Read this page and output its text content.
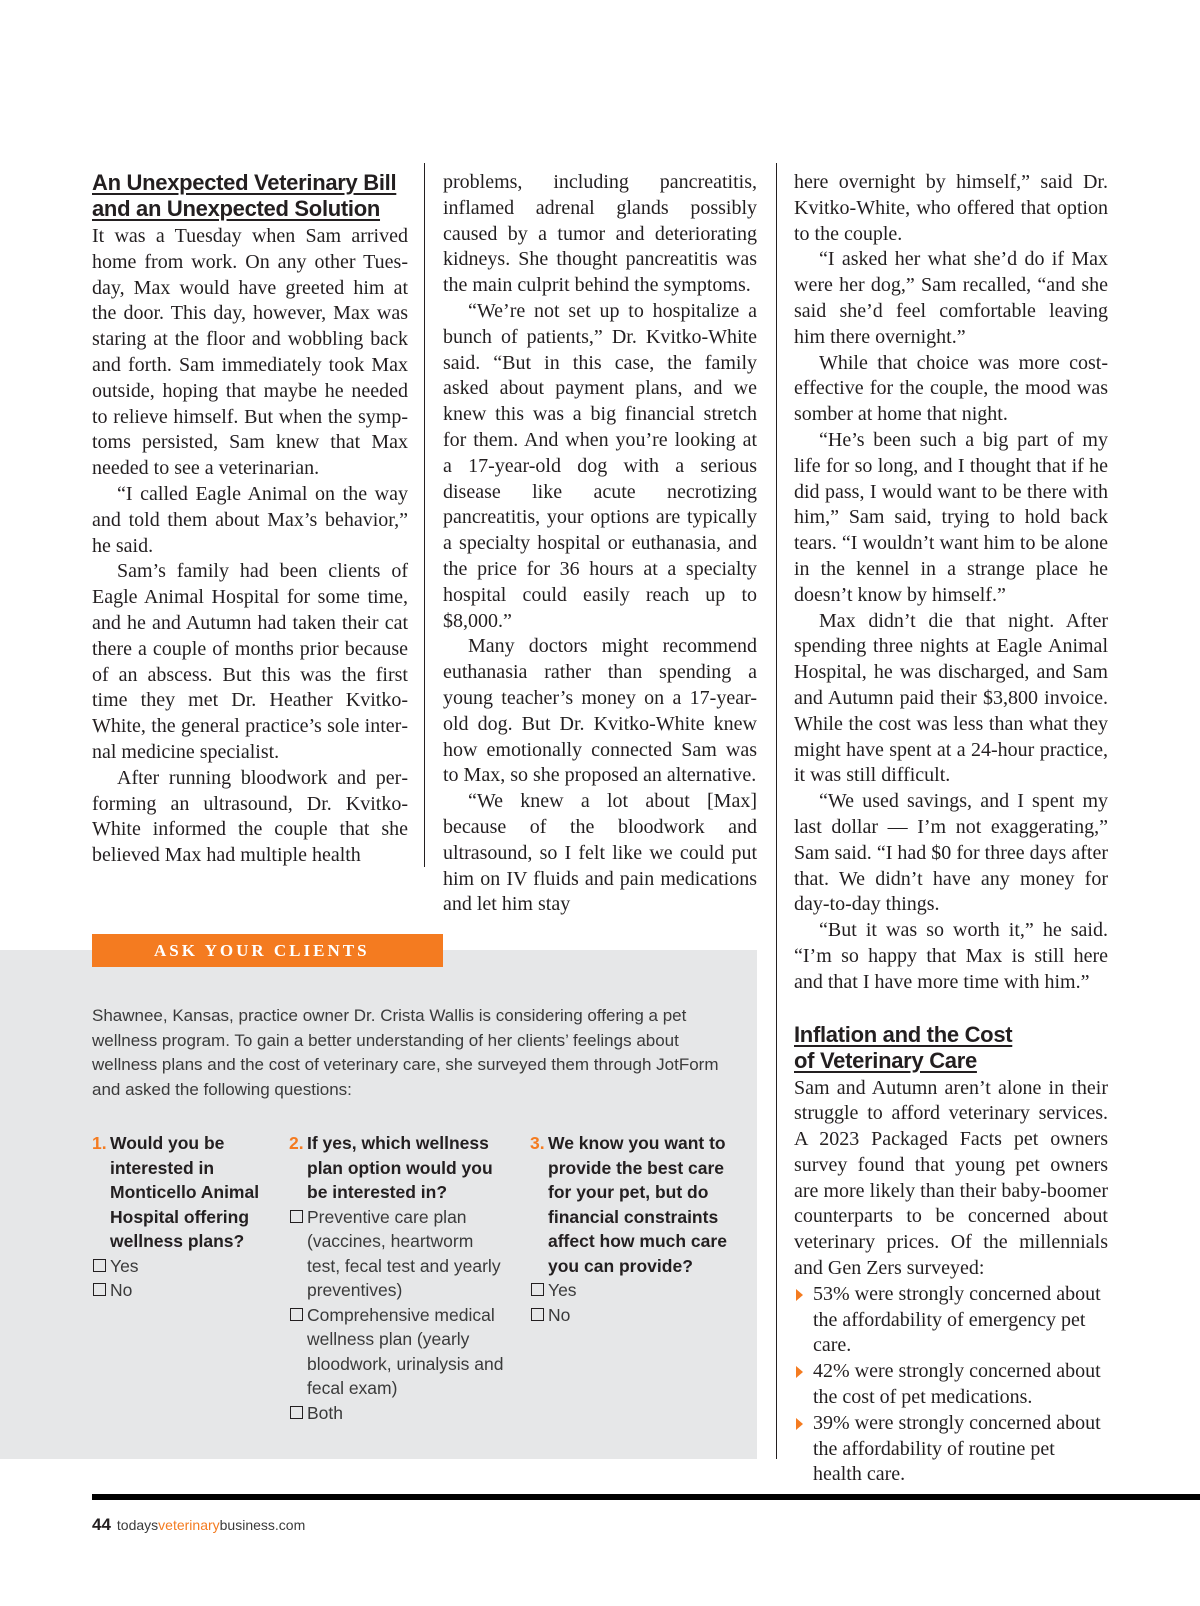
An Unexpected Veterinary Bill
and an Unexpected Solution

It was a Tuesday when Sam arrived home from work. On any other Tuesday, Max would have greeted him at the door. This day, however, Max was staring at the floor and wobbling back and forth. Sam immediately took Max outside, hoping that maybe he needed to relieve himself. But when the symptoms persisted, Sam knew that Max needed to see a veterinarian.

“I called Eagle Animal on the way and told them about Max’s behavior,” he said.

Sam’s family had been clients of Eagle Animal Hospital for some time, and he and Autumn had taken their cat there a couple of months prior because of an abscess. But this was the first time they met Dr. Heather Kvitko-White, the general practice’s sole internal medicine specialist.

After running bloodwork and performing an ultrasound, Dr. Kvitko-White informed the couple that she believed Max had multiple health

problems, including pancreatitis, inflamed adrenal glands possibly caused by a tumor and deteriorating kidneys. She thought pancreatitis was the main culprit behind the symptoms.

“We’re not set up to hospitalize a bunch of patients,” Dr. Kvitko-White said. “But in this case, the family asked about payment plans, and we knew this was a big financial stretch for them. And when you’re looking at a 17-year-old dog with a serious disease like acute necrotizing pancreatitis, your options are typically a specialty hospital or euthanasia, and the price for 36 hours at a specialty hospital could easily reach up to $8,000.”

Many doctors might recommend euthanasia rather than spending a young teacher’s money on a 17-year-old dog. But Dr. Kvitko-White knew how emotionally connected Sam was to Max, so she proposed an alternative.

“We knew a lot about [Max] because of the bloodwork and ultrasound, so I felt like we could put him on IV fluids and pain medications and let him stay

here overnight by himself,” said Dr. Kvitko-White, who offered that option to the couple.

“I asked her what she’d do if Max were her dog,” Sam recalled, “and she said she’d feel comfortable leaving him there overnight.”

While that choice was more cost-effective for the couple, the mood was somber at home that night.

“He’s been such a big part of my life for so long, and I thought that if he did pass, I would want to be there with him,” Sam said, trying to hold back tears. “I wouldn’t want him to be alone in the kennel in a strange place he doesn’t know by himself.”

Max didn’t die that night. After spending three nights at Eagle Animal Hospital, he was discharged, and Sam and Autumn paid their $3,800 invoice. While the cost was less than what they might have spent at a 24-hour practice, it was still difficult.

“We used savings, and I spent my last dollar — I’m not exaggerating,” Sam said. “I had $0 for three days after that. We didn’t have any money for day-to-day things.

“But it was so worth it,” he said. “I’m so happy that Max is still here and that I have more time with him.”

Inflation and the Cost
of Veterinary Care

Sam and Autumn aren’t alone in their struggle to afford veterinary services. A 2023 Packaged Facts pet owners survey found that young pet owners are more likely than their baby-boomer counterparts to be concerned about veterinary prices. Of the millennials and Gen Zers surveyed:

53% were strongly concerned about the affordability of emergency pet care.
42% were strongly concerned about the cost of pet medications.
39% were strongly concerned about the affordability of routine pet health care.
ASK YOUR CLIENTS

Shawnee, Kansas, practice owner Dr. Crista Wallis is considering offering a pet wellness program. To gain a better understanding of her clients’ feelings about wellness plans and the cost of veterinary care, she surveyed them through JotForm and asked the following questions:

1. Would you be interested in Monticello Animal Hospital offering wellness plans?

Yes

No

2. If yes, which wellness plan option would you be interested in?

Preventive care plan (vaccines, heartworm test, fecal test and yearly preventives)

Comprehensive medical wellness plan (yearly bloodwork, urinalysis and fecal exam)

Both

3. We know you want to provide the best care for your pet, but do financial constraints affect how much care you can provide?

Yes

No

44 todaysveterinarybusiness.com
